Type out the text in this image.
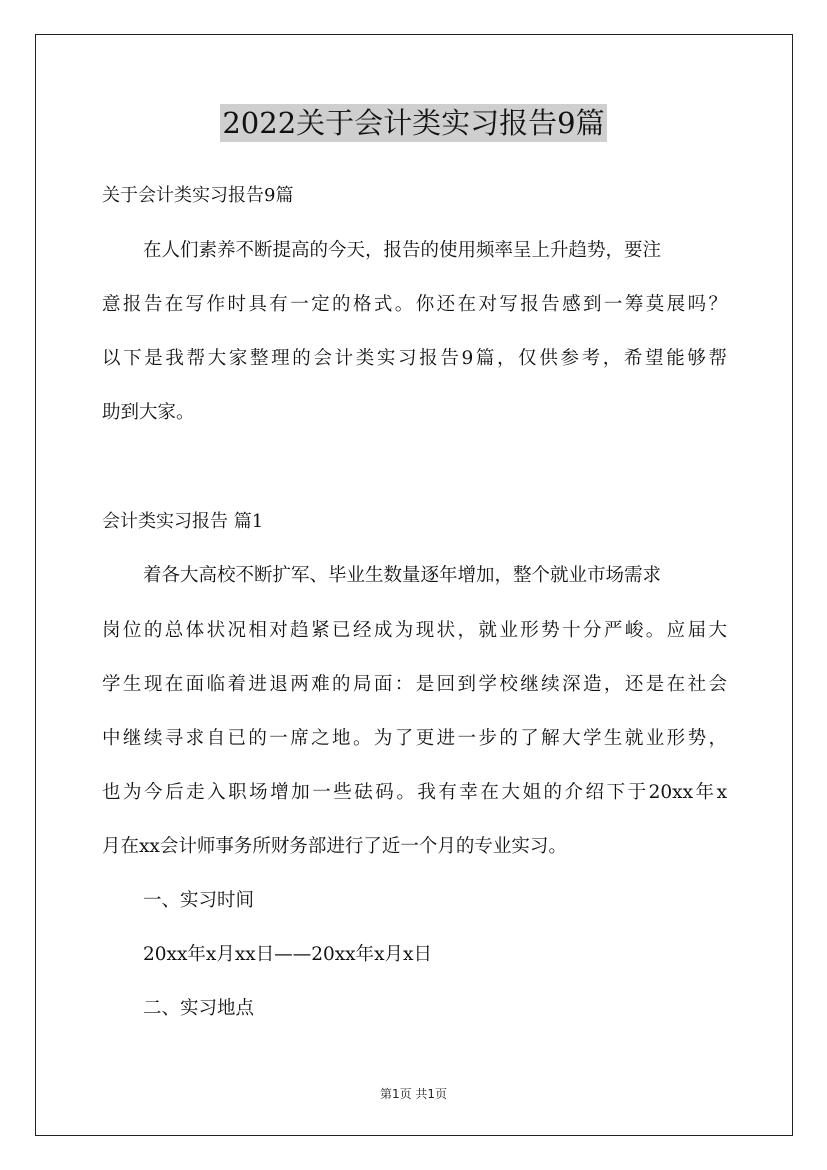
2022关于会计类实习报告9篇
关于会计类实习报告9篇
在人们素养不断提高的今天，报告的使用频率呈上升趋势，要注
意报告在写作时具有一定的格式。你还在对写报告感到一筹莫展吗？
以下是我帮大家整理的会计类实习报告9篇，仅供参考，希望能够帮
助到大家。
会计类实习报告 篇1
着各大高校不断扩军、毕业生数量逐年增加，整个就业市场需求
岗位的总体状况相对趋紧已经成为现状，就业形势十分严峻。应届大
学生现在面临着进退两难的局面：是回到学校继续深造，还是在社会
中继续寻求自已的一席之地。为了更进一步的了解大学生就业形势，
也为今后走入职场增加一些砝码。我有幸在大姐的介绍下于20xx年x
月在xx会计师事务所财务部进行了近一个月的专业实习。
一、实习时间
20xx年x月xx日——20xx年x月x日
二、实习地点
第1页 共1页
